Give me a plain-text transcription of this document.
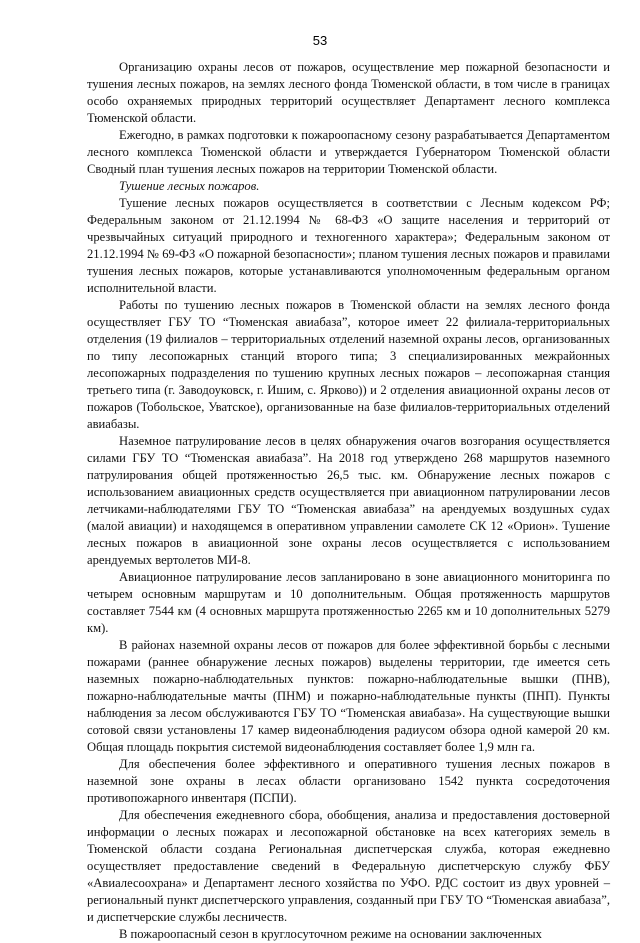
53

Организацию охраны лесов от пожаров, осуществление мер пожарной безопасности и тушения лесных пожаров, на землях лесного фонда Тюменской области, в том числе в границах особо охраняемых природных территорий осуществляет Департамент лесного комплекса Тюменской области.

Ежегодно, в рамках подготовки к пожароопасному сезону разрабатывается Департаментом лесного комплекса Тюменской области и утверждается Губернатором Тюменской области Сводный план тушения лесных пожаров на территории Тюменской области.

Тушение лесных пожаров.

Тушение лесных пожаров осуществляется в соответствии с Лесным кодексом РФ; Федеральным законом от 21.12.1994 № 68-ФЗ «О защите населения и территорий от чрезвычайных ситуаций природного и техногенного характера»; Федеральным законом от 21.12.1994 № 69-ФЗ «О пожарной безопасности»; планом тушения лесных пожаров и правилами тушения лесных пожаров, которые устанавливаются уполномоченным федеральным органом исполнительной власти.

Работы по тушению лесных пожаров в Тюменской области на землях лесного фонда осуществляет ГБУ ТО “Тюменская авиабаза”, которое имеет 22 филиала-территориальных отделения (19 филиалов – территориальных отделений наземной охраны лесов, организованных по типу лесопожарных станций второго типа; 3 специализированных межрайонных лесопожарных подразделения по тушению крупных лесных пожаров – лесопожарная станция третьего типа (г. Заводоуковск, г. Ишим, с. Ярково)) и 2 отделения авиационной охраны лесов от пожаров (Тобольское, Уватское), организованные на базе филиалов-территориальных отделений авиабазы.

Наземное патрулирование лесов в целях обнаружения очагов возгорания осуществляется силами ГБУ ТО “Тюменская авиабаза”. На 2018 год утверждено 268 маршрутов наземного патрулирования общей протяженностью 26,5 тыс. км. Обнаружение лесных пожаров с использованием авиационных средств осуществляется при авиационном патрулировании лесов летчиками-наблюдателями ГБУ ТО “Тюменская авиабаза” на арендуемых воздушных судах (малой авиации) и находящемся в оперативном управлении самолете СК 12 «Орион». Тушение лесных пожаров в авиационной зоне охраны лесов осуществляется с использованием арендуемых вертолетов МИ-8.

Авиационное патрулирование лесов запланировано в зоне авиационного мониторинга по четырем основным маршрутам и 10 дополнительным. Общая протяженность маршрутов составляет 7544 км (4 основных маршрута протяженностью 2265 км и 10 дополнительных 5279 км).

В районах наземной охраны лесов от пожаров для более эффективной борьбы с лесными пожарами (раннее обнаружение лесных пожаров) выделены территории, где имеется сеть наземных пожарно-наблюдательных пунктов: пожарно-наблюдательные вышки (ПНВ), пожарно-наблюдательные мачты (ПНМ) и пожарно-наблюдательные пункты (ПНП). Пункты наблюдения за лесом обслуживаются ГБУ ТО “Тюменская авиабаза». На существующие вышки сотовой связи установлены 17 камер видеонаблюдения радиусом обзора одной камерой 20 км. Общая площадь покрытия системой видеонаблюдения составляет более 1,9 млн га.

Для обеспечения более эффективного и оперативного тушения лесных пожаров в наземной зоне охраны в лесах области организовано 1542 пункта сосредоточения противопожарного инвентаря (ПСПИ).

Для обеспечения ежедневного сбора, обобщения, анализа и предоставления достоверной информации о лесных пожарах и лесопожарной обстановке на всех категориях земель в Тюменской области создана Региональная диспетчерская служба, которая ежедневно осуществляет предоставление сведений в Федеральную диспетчерскую службу ФБУ «Авиалесоохрана» и Департамент лесного хозяйства по УФО. РДС состоит из двух уровней – региональный пункт диспетчерского управления, созданный при ГБУ ТО “Тюменская авиабаза”, и диспетчерские службы лесничеств.

В пожароопасный сезон в круглосуточном режиме на основании заключенных
